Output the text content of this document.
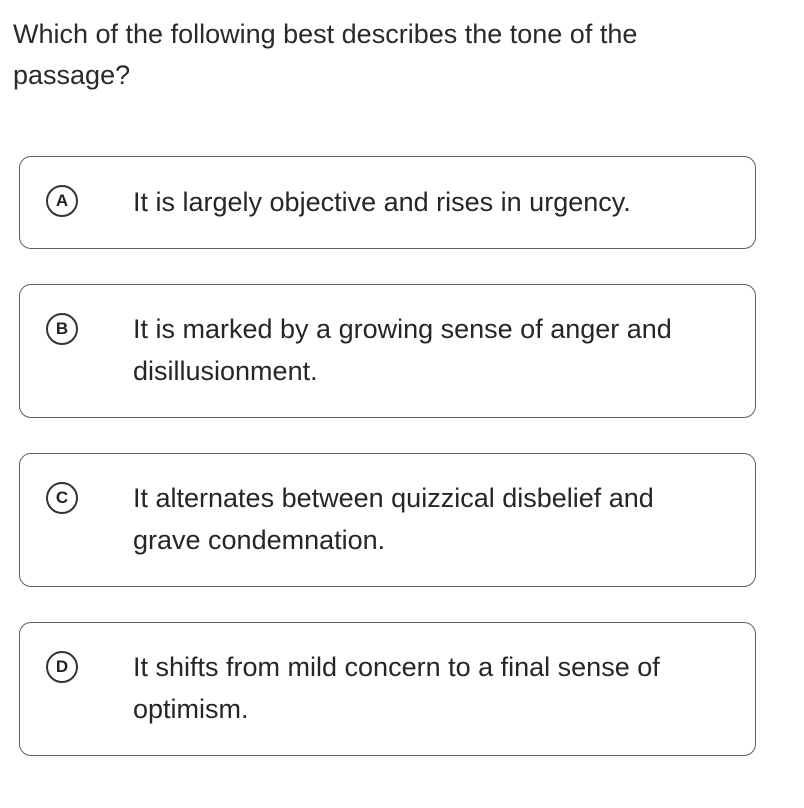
Which of the following best describes the tone of the passage?

A	It is largely objective and rises in urgency.
B	It is marked by a growing sense of anger and disillusionment.
C	It alternates between quizzical disbelief and grave condemnation.
D	It shifts from mild concern to a final sense of optimism.
